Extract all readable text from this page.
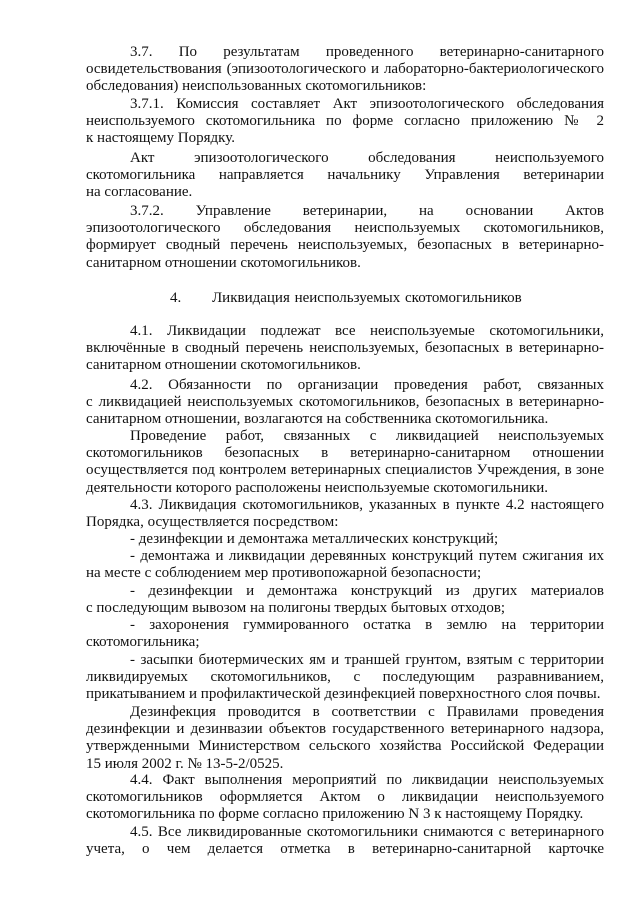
3.7. По результатам проведенного ветеринарно-санитарного
освидетельствования (эпизоотологического и лабораторно-бактериологического
обследования) неиспользованных скотомогильников:
3.7.1. Комиссия составляет Акт эпизоотологического обследования
неиспользуемого скотомогильника по форме согласно приложению № 2
к настоящему Порядку.
Акт эпизоотологического обследования неиспользуемого
скотомогильника направляется начальнику Управления ветеринарии
на согласование.
3.7.2. Управление ветеринарии, на основании Актов
эпизоотологического обследования неиспользуемых скотомогильников,
формирует сводный перечень неиспользуемых, безопасных в ветеринарно-
санитарном отношении скотомогильников.
4. Ликвидация неиспользуемых скотомогильников
4.1. Ликвидации подлежат все неиспользуемые скотомогильники,
включённые в сводный перечень неиспользуемых, безопасных в ветеринарно-
санитарном отношении скотомогильников.
4.2. Обязанности по организации проведения работ, связанных
с ликвидацией неиспользуемых скотомогильников, безопасных в ветеринарно-
санитарном отношении, возлагаются на собственника скотомогильника.
Проведение работ, связанных с ликвидацией неиспользуемых
скотомогильников безопасных в ветеринарно-санитарном отношении
осуществляется под контролем ветеринарных специалистов Учреждения, в зоне
деятельности которого расположены неиспользуемые скотомогильники.
4.3. Ликвидация скотомогильников, указанных в пункте 4.2 настоящего
Порядка, осуществляется посредством:
- дезинфекции и демонтажа металлических конструкций;
- демонтажа и ликвидации деревянных конструкций путем сжигания их
на месте с соблюдением мер противопожарной безопасности;
- дезинфекции и демонтажа конструкций из других материалов
с последующим вывозом на полигоны твердых бытовых отходов;
- захоронения гуммированного остатка в землю на территории
скотомогильника;
- засыпки биотермических ям и траншей грунтом, взятым с территории
ликвидируемых скотомогильников, с последующим разравниванием,
прикатыванием и профилактической дезинфекцией поверхностного слоя почвы.
Дезинфекция проводится в соответствии с Правилами проведения
дезинфекции и дезинвазии объектов государственного ветеринарного надзора,
утвержденными Министерством сельского хозяйства Российской Федерации
15 июля 2002 г. № 13-5-2/0525.
4.4. Факт выполнения мероприятий по ликвидации неиспользуемых
скотомогильников оформляется Актом о ликвидации неиспользуемого
скотомогильника по форме согласно приложению N 3 к настоящему Порядку.
4.5. Все ликвидированные скотомогильники снимаются с ветеринарного
учета, о чем делается отметка в ветеринарно-санитарной карточке
